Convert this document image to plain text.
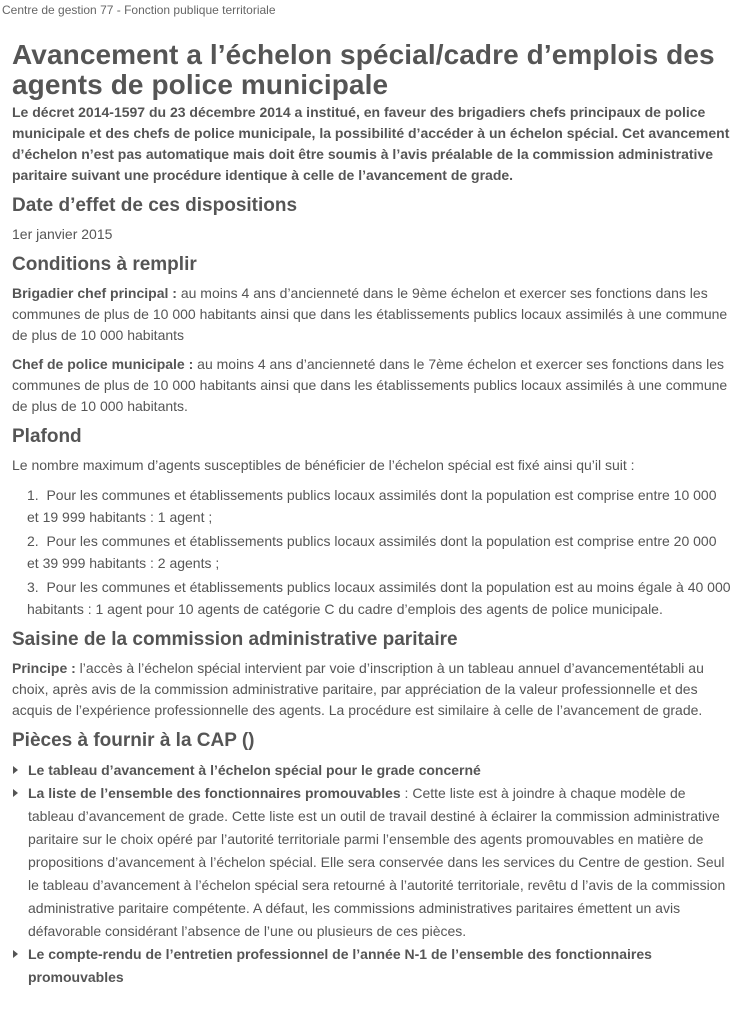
Centre de gestion 77 - Fonction publique territoriale
Avancement a l’échelon spécial/cadre d’emplois des agents de police municipale

Le décret 2014-1597 du 23 décembre 2014 a institué, en faveur des brigadiers chefs principaux de police municipale et des chefs de police municipale, la possibilité d’accéder à un échelon spécial. Cet avancement d’échelon n’est pas automatique mais doit être soumis à l’avis préalable de la commission administrative paritaire suivant une procédure identique à celle de l’avancement de grade.

Date d’effet de ces dispositions

1er janvier 2015

Conditions à remplir

Brigadier chef principal : au moins 4 ans d’ancienneté dans le 9ème échelon et exercer ses fonctions dans les communes de plus de 10 000 habitants ainsi que dans les établissements publics locaux assimilés à une commune de plus de 10 000 habitants

Chef de police municipale : au moins 4 ans d’ancienneté dans le 7ème échelon et exercer ses fonctions dans les communes de plus de 10 000 habitants ainsi que dans les établissements publics locaux assimilés à une commune de plus de 10 000 habitants.

Plafond

Le nombre maximum d’agents susceptibles de bénéficier de l’échelon spécial est fixé ainsi qu’il suit :

1. Pour les communes et établissements publics locaux assimilés dont la population est comprise entre 10 000 et 19 999 habitants : 1 agent ;
2. Pour les communes et établissements publics locaux assimilés dont la population est comprise entre 20 000 et 39 999 habitants : 2 agents ;
3. Pour les communes et établissements publics locaux assimilés dont la population est au moins égale à 40 000 habitants : 1 agent pour 10 agents de catégorie C du cadre d’emplois des agents de police municipale.
Saisine de la commission administrative paritaire

Principe : l’accès à l’échelon spécial intervient par voie d’inscription à un tableau annuel d’avancementétabli au choix, après avis de la commission administrative paritaire, par appréciation de la valeur professionnelle et des acquis de l’expérience professionnelle des agents. La procédure est similaire à celle de l’avancement de grade.

Pièces à fournir à la CAP ()
Le tableau d’avancement à l’échelon spécial pour le grade concerné
La liste de l’ensemble des fonctionnaires promouvables : Cette liste est à joindre à chaque modèle de tableau d’avancement de grade. Cette liste est un outil de travail destiné à éclairer la commission administrative paritaire sur le choix opéré par l’autorité territoriale parmi l’ensemble des agents promouvables en matière de propositions d’avancement à l’échelon spécial. Elle sera conservée dans les services du Centre de gestion. Seul le tableau d’avancement à l’échelon spécial sera retourné à l’autorité territoriale, revêtu d l’avis de la commission administrative paritaire compétente. A défaut, les commissions administratives paritaires émettent un avis défavorable considérant l’absence de l’une ou plusieurs de ces pièces.
Le compte-rendu de l’entretien professionnel de l’année N-1 de l’ensemble des fonctionnaires promouvables
